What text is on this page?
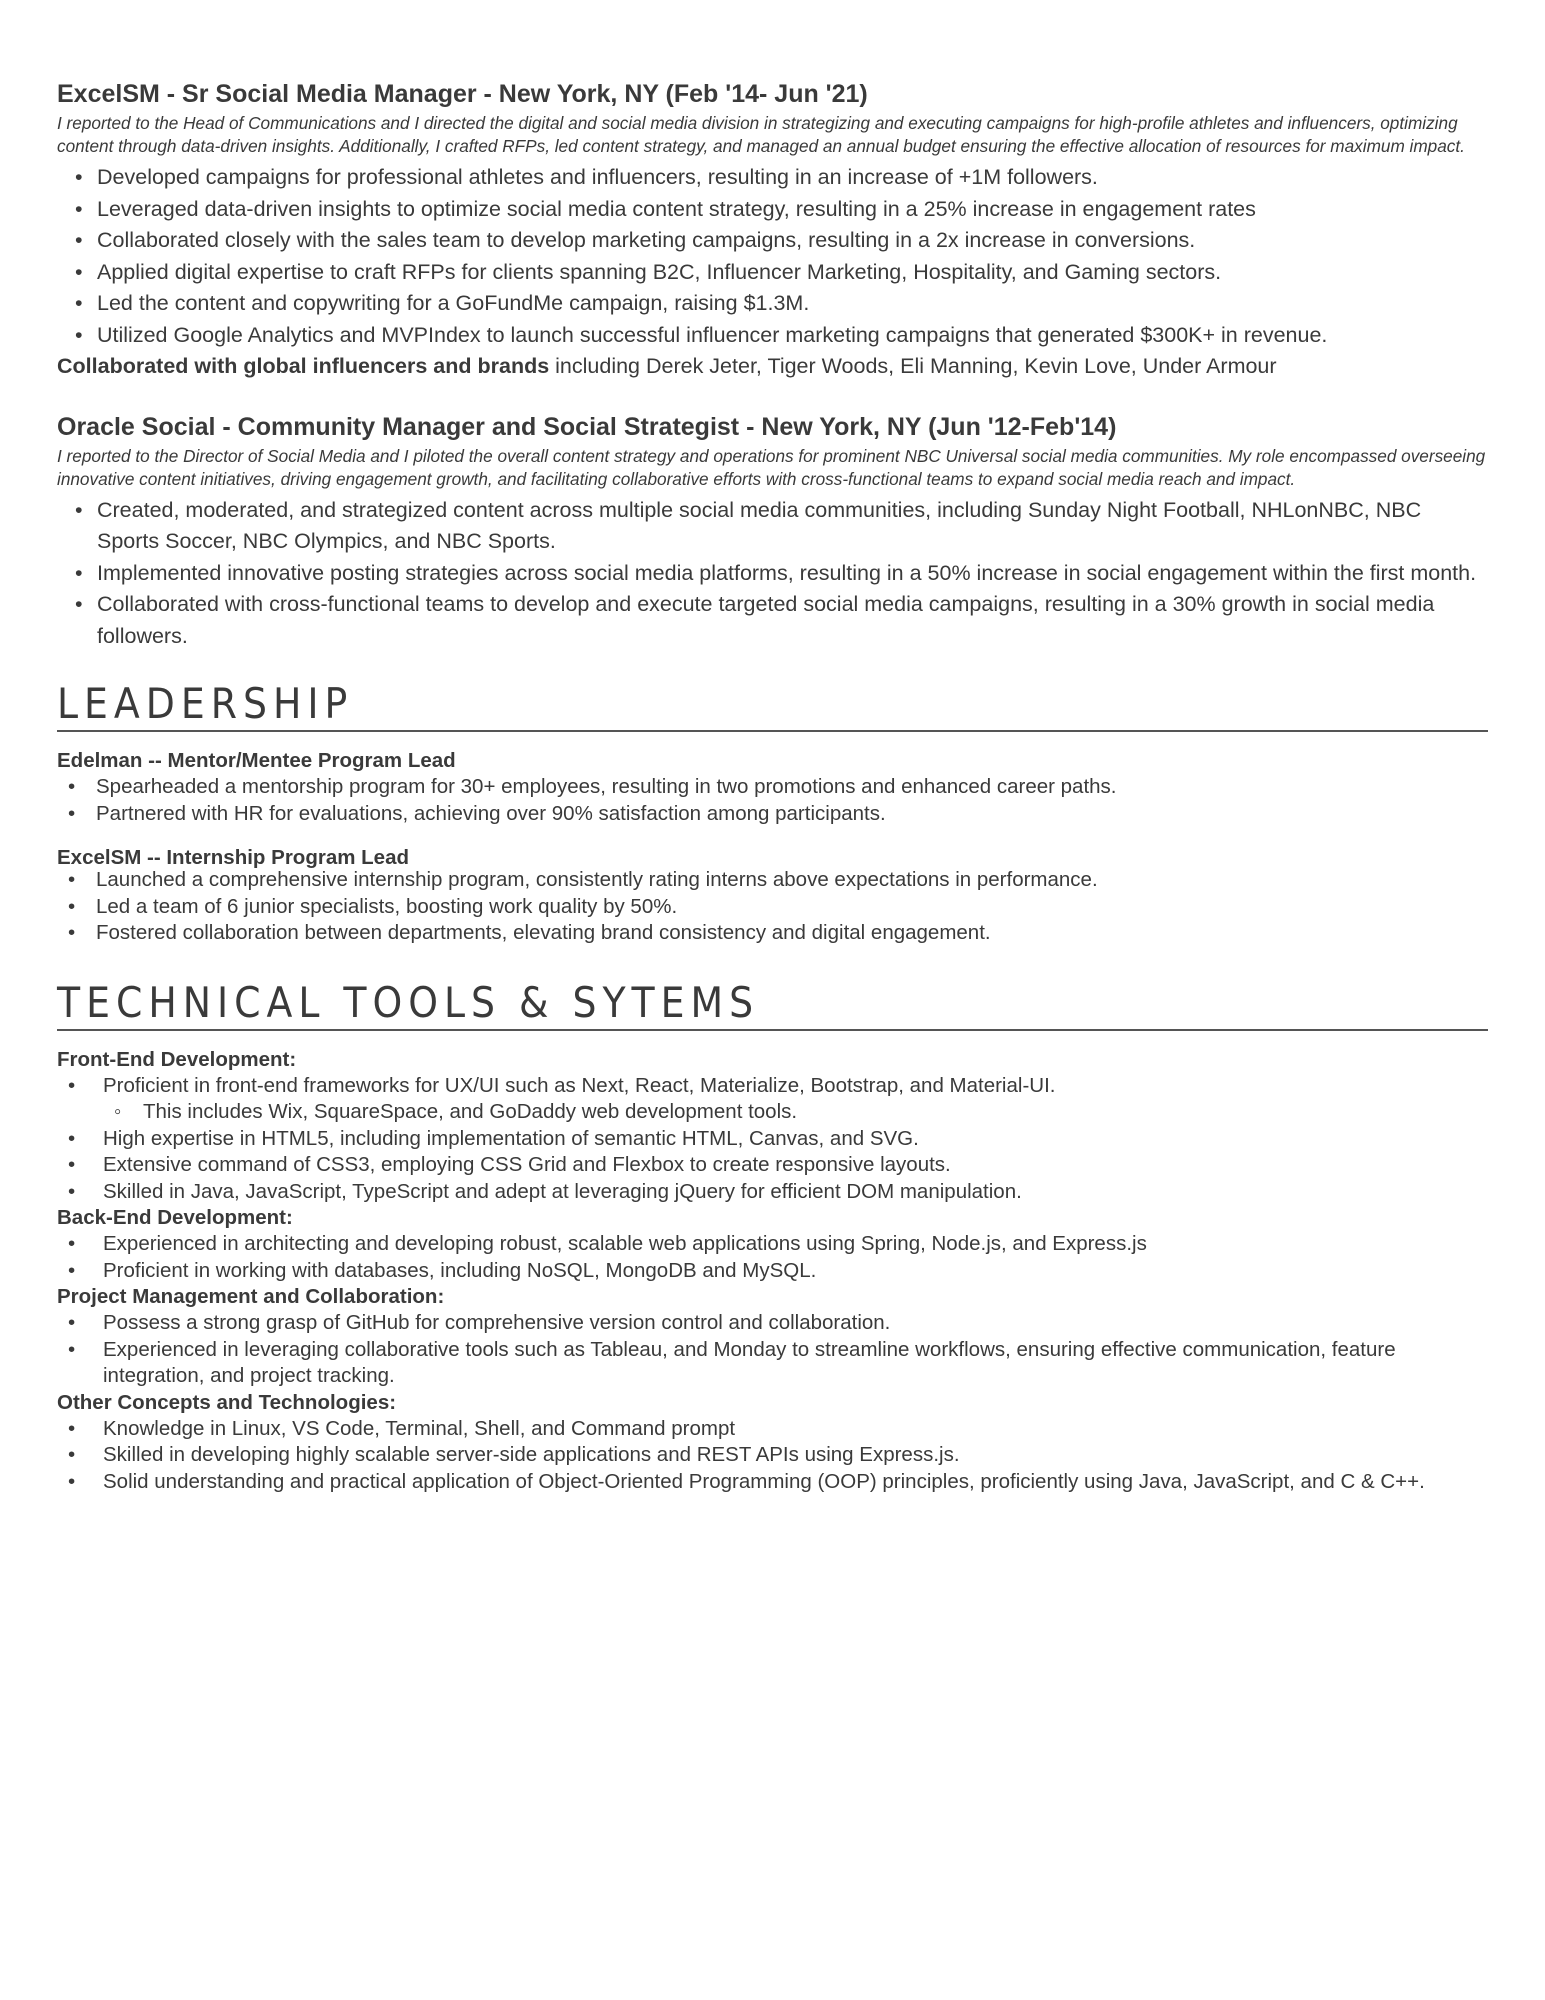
ExcelSM - Sr Social Media Manager - New York, NY (Feb '14- Jun '21)

I reported to the Head of Communications and I directed the digital and social media division in strategizing and executing campaigns for high-profile athletes and influencers, optimizing content through data-driven insights. Additionally, I crafted RFPs, led content strategy, and managed an annual budget ensuring the effective allocation of resources for maximum impact.

• Developed campaigns for professional athletes and influencers, resulting in an increase of +1M followers.
• Leveraged data-driven insights to optimize social media content strategy, resulting in a 25% increase in engagement rates
• Collaborated closely with the sales team to develop marketing campaigns, resulting in a 2x increase in conversions.
• Applied digital expertise to craft RFPs for clients spanning B2C, Influencer Marketing, Hospitality, and Gaming sectors.
• Led the content and copywriting for a GoFundMe campaign, raising $1.3M.
• Utilized Google Analytics and MVPIndex to launch successful influencer marketing campaigns that generated $300K+ in revenue.
Collaborated with global influencers and brands including Derek Jeter, Tiger Woods, Eli Manning, Kevin Love, Under Armour
Oracle Social - Community Manager and Social Strategist - New York, NY (Jun '12-Feb'14)

I reported to the Director of Social Media and I piloted the overall content strategy and operations for prominent NBC Universal social media communities. My role encompassed overseeing innovative content initiatives, driving engagement growth, and facilitating collaborative efforts with cross-functional teams to expand social media reach and impact.

• Created, moderated, and strategized content across multiple social media communities, including Sunday Night Football, NHLonNBC, NBC Sports Soccer, NBC Olympics, and NBC Sports.
• Implemented innovative posting strategies across social media platforms, resulting in a 50% increase in social engagement within the first month.
• Collaborated with cross-functional teams to develop and execute targeted social media campaigns, resulting in a 30% growth in social media followers.
LEADERSHIP
Edelman -- Mentor/Mentee Program Lead
• Spearheaded a mentorship program for 30+ employees, resulting in two promotions and enhanced career paths.
• Partnered with HR for evaluations, achieving over 90% satisfaction among participants.
ExcelSM -- Internship Program Lead
• Launched a comprehensive internship program, consistently rating interns above expectations in performance.
• Led a team of 6 junior specialists, boosting work quality by 50%.
• Fostered collaboration between departments, elevating brand consistency and digital engagement.
TECHNICAL TOOLS & SYTEMS
Front-End Development:
• Proficient in front-end frameworks for UX/UI such as Next, React, Materialize, Bootstrap, and Material-UI.
◦ This includes Wix, SquareSpace, and GoDaddy web development tools.
• High expertise in HTML5, including implementation of semantic HTML, Canvas, and SVG.
• Extensive command of CSS3, employing CSS Grid and Flexbox to create responsive layouts.
• Skilled in Java, JavaScript, TypeScript and adept at leveraging jQuery for efficient DOM manipulation.
Back-End Development:
• Experienced in architecting and developing robust, scalable web applications using Spring, Node.js, and Express.js
• Proficient in working with databases, including NoSQL, MongoDB and MySQL.
Project Management and Collaboration:
• Possess a strong grasp of GitHub for comprehensive version control and collaboration.
• Experienced in leveraging collaborative tools such as Tableau, and Monday to streamline workflows, ensuring effective communication, feature integration, and project tracking.
Other Concepts and Technologies:
• Knowledge in Linux, VS Code, Terminal, Shell, and Command prompt
• Skilled in developing highly scalable server-side applications and REST APIs using Express.js.
• Solid understanding and practical application of Object-Oriented Programming (OOP) principles, proficiently using Java, JavaScript, and C & C++.
